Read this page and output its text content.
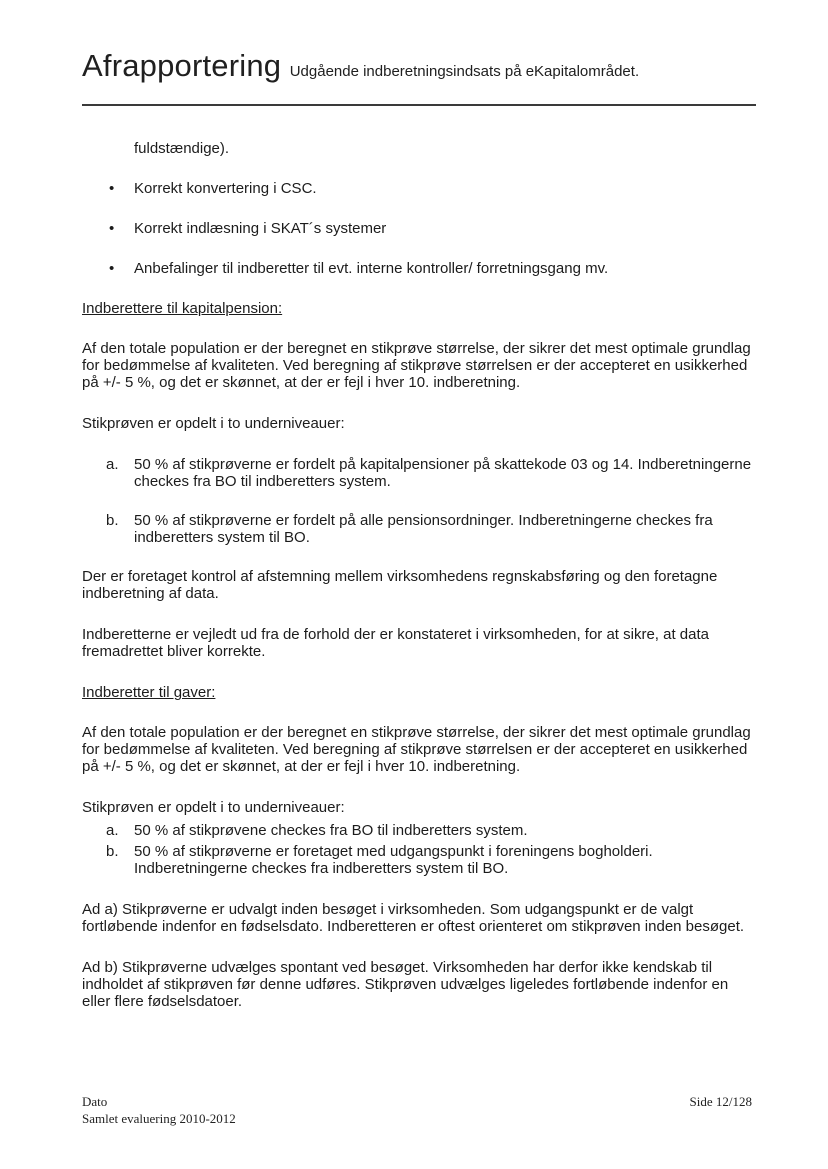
Afrapportering Udgående indberetningsindsats på eKapitalområdet.

fuldstændige).

• Korrekt konvertering i CSC.
• Korrekt indlæsning i SKAT´s systemer
• Anbefalinger til indberetter til evt. interne kontroller/ forretningsgang mv.

Indberettere til kapitalpension:

Af den totale population er der beregnet en stikprøve størrelse, der sikrer det mest optimale grundlag for bedømmelse af kvaliteten. Ved beregning af stikprøve størrelsen er der accepteret en usikkerhed på +/- 5 %, og det er skønnet, at der er fejl i hver 10. indberetning.

Stikprøven er opdelt i to underniveauer:

a. 50 % af stikprøverne er fordelt på kapitalpensioner på skattekode 03 og 14. Indberetningerne checkes fra BO til indberetters system.
b. 50 % af stikprøverne er fordelt på alle pensionsordninger. Indberetningerne checkes fra indberetters system til BO.

Der er foretaget kontrol af afstemning mellem virksomhedens regnskabsføring og den foretagne indberetning af data.

Indberetterne er vejledt ud fra de forhold der er konstateret i virksomheden, for at sikre, at data fremadrettet bliver korrekte.

Indberetter til gaver:

Af den totale population er der beregnet en stikprøve størrelse, der sikrer det mest optimale grundlag for bedømmelse af kvaliteten. Ved beregning af stikprøve størrelsen er der accepteret en usikkerhed på +/- 5 %, og det er skønnet, at der er fejl i hver 10. indberetning.

Stikprøven er opdelt i to underniveauer:

a. 50 % af stikprøvene checkes fra BO til indberetters system.
b. 50 % af stikprøverne er foretaget med udgangspunkt i foreningens bogholderi. Indberetningerne checkes fra indberetters system til BO.

Ad a) Stikprøverne er udvalgt inden besøget i virksomheden. Som udgangspunkt er de valgt fortløbende indenfor en fødselsdato. Indberetteren er oftest orienteret om stikprøven inden besøget.

Ad b) Stikprøverne udvælges spontant ved besøget. Virksomheden har derfor ikke kendskab til indholdet af stikprøven før denne udføres. Stikprøven udvælges ligeledes fortløbende indenfor en eller flere fødselsdatoer.

Dato
Samlet evaluering 2010-2012
Side 12/128
